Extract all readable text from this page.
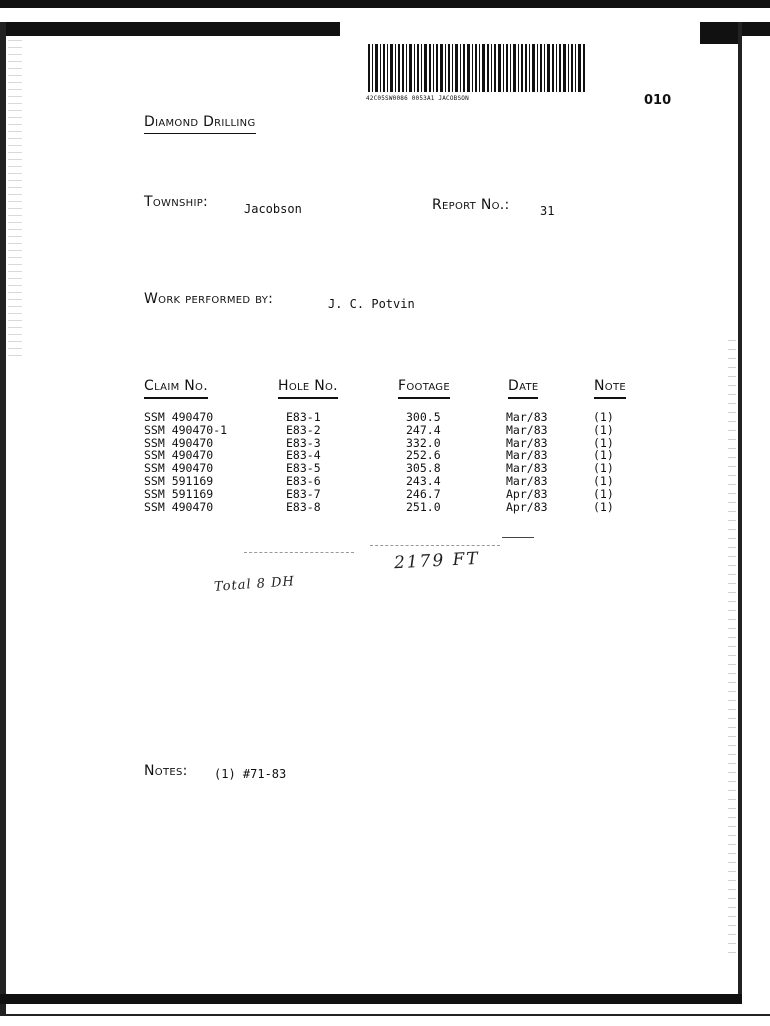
42C05SW0086 0053A1 JACOBSON	010
Diamond Drilling
Township:	Jacobson	Report No.:	31
Work performed by:	J. C. Potvin
Claim No.	Hole No.	Footage	Date	Note
SSM 490470	E83-1	300.5	Mar/83	(1)
SSM 490470-1	E83-2	247.4	Mar/83	(1)
SSM 490470	E83-3	332.0	Mar/83	(1)
SSM 490470	E83-4	252.6	Mar/83	(1)
SSM 490470	E83-5	305.8	Mar/83	(1)
SSM 591169	E83-6	243.4	Mar/83	(1)
SSM 591169	E83-7	246.7	Apr/83	(1)
SSM 490470	E83-8	251.0	Apr/83	(1)
2179 FT
Total 8 DH
Notes: (1) #71-83
